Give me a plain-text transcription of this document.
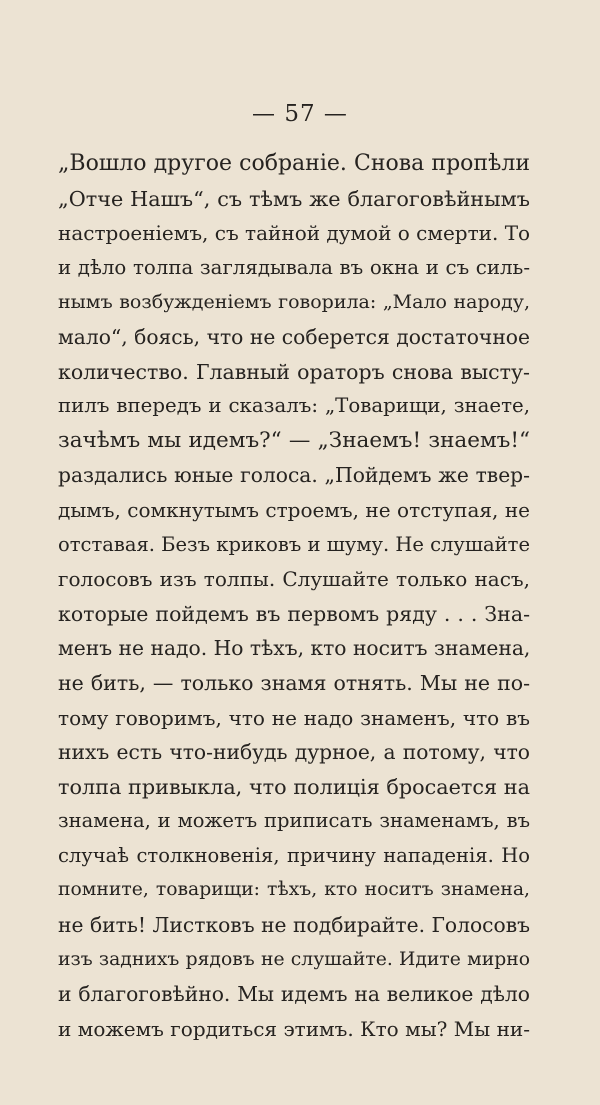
— 57 —
„Вошло другое собраніе. Снова пропѣли
„Отче Нашъ“, съ тѣмъ же благоговѣйнымъ
настроеніемъ, съ тайной думой о смерти. То
и дѣло толпа заглядывала въ окна и съ силь-
нымъ возбужденіемъ говорила: „Мало народу,
мало“, боясь, что не соберется достаточное
количество. Главный ораторъ снова высту-
пилъ впередъ и сказалъ: „Товарищи, знаете,
зачѣмъ мы идемъ?“ — „Знаемъ! знаемъ!“
раздались юные голоса. „Пойдемъ же твер-
дымъ, сомкнутымъ строемъ, не отступая, не
отставая. Безъ криковъ и шуму. Не слушайте
голосовъ изъ толпы. Слушайте только насъ,
которые пойдемъ въ первомъ ряду . . . Зна-
менъ не надо. Но тѣхъ, кто носитъ знамена,
не бить, — только знамя отнять. Мы не по-
тому говоримъ, что не надо знаменъ, что въ
нихъ есть что-нибудь дурное, а потому, что
толпа привыкла, что полиція бросается на
знамена, и можетъ приписать знаменамъ, въ
случаѣ столкновенія, причину нападенія. Но
помните, товарищи: тѣхъ, кто носитъ знамена,
не бить! Листковъ не подбирайте. Голосовъ
изъ заднихъ рядовъ не слушайте. Идите мирно
и благоговѣйно. Мы идемъ на великое дѣло
и можемъ гордиться этимъ. Кто мы? Мы ни-
